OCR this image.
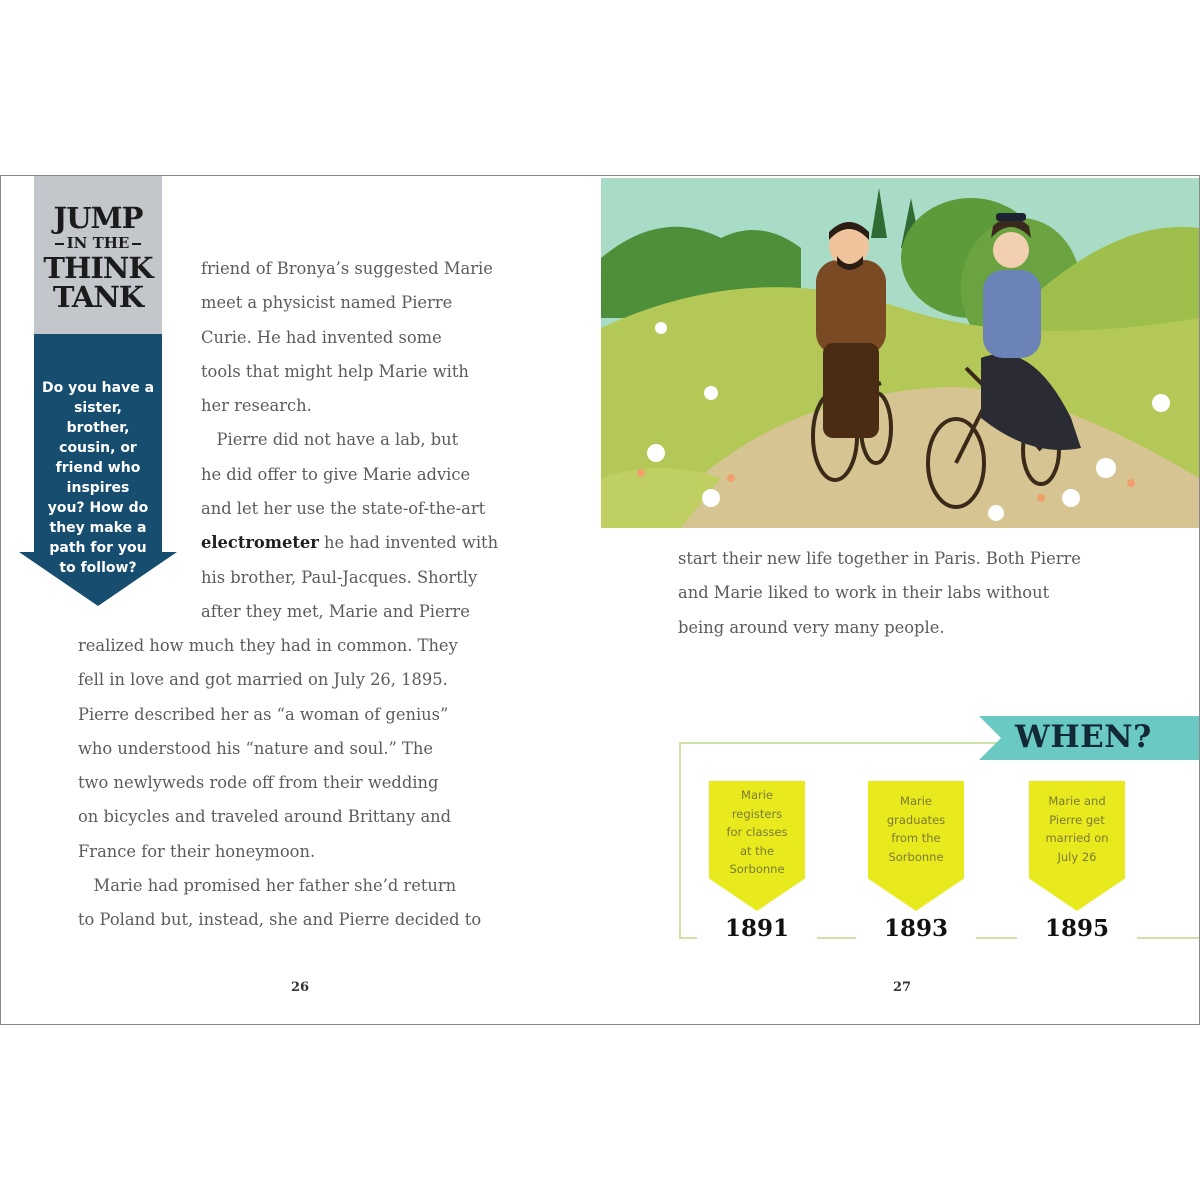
JUMP
IN THE
THINK
TANK
Do you have a
sister, brother,
cousin, or
friend who
inspires
you? How do
they make a
path for you
to follow?
friend of Bronya’s suggested Marie
meet a physicist named Pierre
Curie. He had invented some
tools that might help Marie with
her research.
Pierre did not have a lab, but
he did offer to give Marie advice
and let her use the state-of-the-art
electrometer he had invented with
his brother, Paul-Jacques. Shortly
after they met, Marie and Pierre
realized how much they had in common. They
fell in love and got married on July 26, 1895.
Pierre described her as “a woman of genius”
who understood his “nature and soul.” The
two newlyweds rode off from their wedding
on bicycles and traveled around Brittany and
France for their honeymoon.
Marie had promised her father she’d return
to Poland but, instead, she and Pierre decided to
26
start their new life together in Paris. Both Pierre
and Marie liked to work in their labs without
being around very many people.
WHEN?
Marie
registers
for classes
at the
Sorbonne
1891
Marie
graduates
from the
Sorbonne
1893
Marie and
Pierre get
married on
July 26
1895
27
